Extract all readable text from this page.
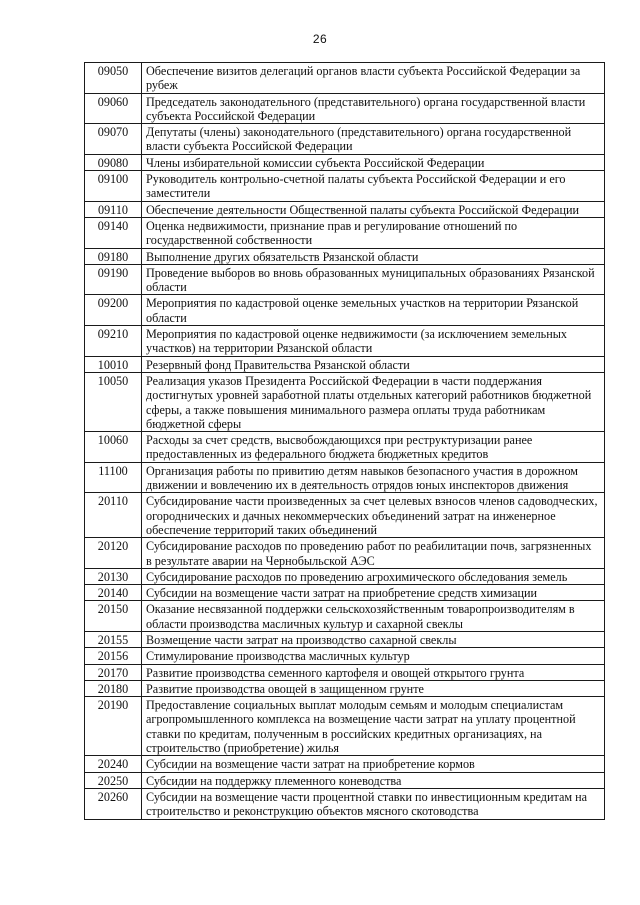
26
09050	Обеспечение визитов делегаций органов власти субъекта Российской Федерации за рубеж
09060	Председатель законодательного (представительного) органа государственной власти субъекта Российской Федерации
09070	Депутаты (члены) законодательного (представительного) органа государственной власти субъекта Российской Федерации
09080	Члены избирательной комиссии субъекта Российской Федерации
09100	Руководитель контрольно-счетной палаты субъекта Российской Федерации и его заместители
09110	Обеспечение деятельности Общественной палаты субъекта Российской Федерации
09140	Оценка недвижимости, признание прав и регулирование отношений по государственной собственности
09180	Выполнение других обязательств Рязанской области
09190	Проведение выборов во вновь образованных муниципальных образованиях Рязанской области
09200	Мероприятия по кадастровой оценке земельных участков на территории Рязанской области
09210	Мероприятия по кадастровой оценке недвижимости (за исключением земельных участков) на территории Рязанской области
10010	Резервный фонд Правительства Рязанской области
10050	Реализация указов Президента Российской Федерации в части поддержания достигнутых уровней заработной платы отдельных категорий работников бюджетной сферы, а также повышения минимального размера оплаты труда работникам бюджетной сферы
10060	Расходы за счет средств, высвобождающихся при реструктуризации ранее предоставленных из федерального бюджета бюджетных кредитов
11100	Организация работы по привитию детям навыков безопасного участия в дорожном движении и вовлечению их в деятельность отрядов юных инспекторов движения
20110	Субсидирование части произведенных за счет целевых взносов членов садоводческих, огороднических и дачных некоммерческих объединений затрат на инженерное обеспечение территорий таких объединений
20120	Субсидирование расходов по проведению работ по реабилитации почв, загрязненных в результате аварии на Чернобыльской АЭС
20130	Субсидирование расходов по проведению агрохимического обследования земель
20140	Субсидии на возмещение части затрат на приобретение средств химизации
20150	Оказание несвязанной поддержки сельскохозяйственным товаропроизводителям в области производства масличных культур и сахарной свеклы
20155	Возмещение части затрат на производство сахарной свеклы
20156	Стимулирование производства масличных культур
20170	Развитие производства семенного картофеля и овощей открытого грунта
20180	Развитие производства овощей в защищенном грунте
20190	Предоставление социальных выплат молодым семьям и молодым специалистам агропромышленного комплекса на возмещение части затрат на уплату процентной ставки по кредитам, полученным в российских кредитных организациях, на строительство (приобретение) жилья
20240	Субсидии на возмещение части затрат на приобретение кормов
20250	Субсидии на поддержку племенного коневодства
20260	Субсидии на возмещение части процентной ставки по инвестиционным кредитам на строительство и реконструкцию объектов мясного скотоводства
